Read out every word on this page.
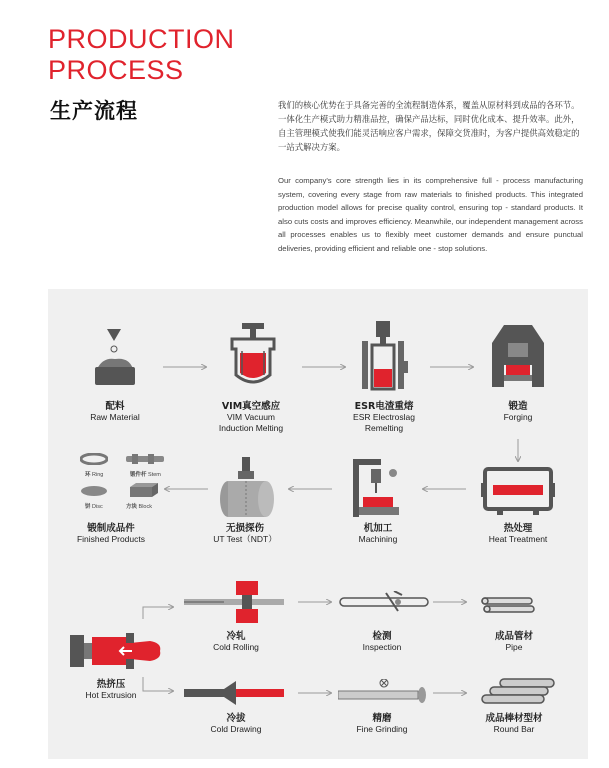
PRODUCTION
PROCESS
生产流程	我们的核心优势在于具备完善的全流程制造体系，覆盖从原材料到成品的各环节。一体化生产模式助力精准品控，确保产品达标，同时优化成本、提升效率。此外，自主管理模式使我们能灵活响应客户需求，保障交货准时，为客户提供高效稳定的一站式解决方案。
Our company's core strength lies in its comprehensive full - process manufacturing system, covering every stage from raw materials to finished products. This integrated production model allows for precise quality control, ensuring top - standard products. It also cuts costs and improves efficiency. Meanwhile, our independent management across all processes enables us to flexibly meet customer demands and ensure punctual deliveries, providing efficient and reliable one - stop solutions.
配料
Raw Material
VIM真空感应
VIM Vacuum
Induction Melting
ESR电渣重熔
ESR Electroslag
Remelting
锻造
Forging
热处理
Heat Treatment
机加工
Machining
无损探伤
UT Test（NDT）
环 Ring	锻件杆 Stem
饼 Disc	方块 Block
锻制成品件
Finished Products
热挤压
Hot Extrusion
冷轧
Cold Rolling
冷拔
Cold Drawing
检测
Inspection
精磨
Fine Grinding
成品管材
Pipe
成品棒材型材
Round Bar
